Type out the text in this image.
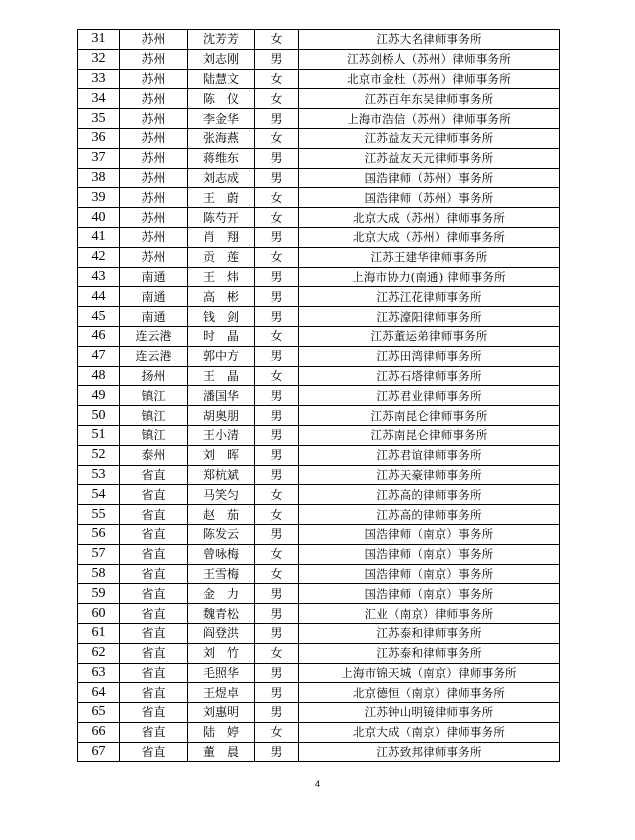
31	苏州	沈芳芳	女	江苏大名律师事务所
32	苏州	刘志刚	男	江苏剑桥人（苏州）律师事务所
33	苏州	陆慧文	女	北京市金杜（苏州）律师事务所
34	苏州	陈　仪	女	江苏百年东吴律师事务所
35	苏州	李金华	男	上海市浩信（苏州）律师事务所
36	苏州	张海燕	女	江苏益友天元律师事务所
37	苏州	蒋维东	男	江苏益友天元律师事务所
38	苏州	刘志成	男	国浩律师（苏州）事务所
39	苏州	王　蔚	女	国浩律师（苏州）事务所
40	苏州	陈芍开	女	北京大成（苏州）律师事务所
41	苏州	肖　翔	男	北京大成（苏州）律师事务所
42	苏州	贡　莲	女	江苏王建华律师事务所
43	南通	王　炜	男	上海市协力(南通) 律师事务所
44	南通	高　彬	男	江苏江花律师事务所
45	南通	钱　剑	男	江苏濠阳律师事务所
46	连云港	时　晶	女	江苏董运弟律师事务所
47	连云港	郭中方	男	江苏田湾律师事务所
48	扬州	王　晶	女	江苏石塔律师事务所
49	镇江	潘国华	男	江苏君业律师事务所
50	镇江	胡奥朋	男	江苏南昆仑律师事务所
51	镇江	王小清	男	江苏南昆仑律师事务所
52	泰州	刘　晖	男	江苏君谊律师事务所
53	省直	郑杭斌	男	江苏天豪律师事务所
54	省直	马笑匀	女	江苏高的律师事务所
55	省直	赵　茄	女	江苏高的律师事务所
56	省直	陈发云	男	国浩律师（南京）事务所
57	省直	曾咏梅	女	国浩律师（南京）事务所
58	省直	王雪梅	女	国浩律师（南京）事务所
59	省直	金　力	男	国浩律师（南京）事务所
60	省直	魏青松	男	汇业（南京）律师事务所
61	省直	阎登洪	男	江苏泰和律师事务所
62	省直	刘　竹	女	江苏泰和律师事务所
63	省直	毛照华	男	上海市锦天城（南京）律师事务所
64	省直	王煜卓	男	北京德恒（南京）律师事务所
65	省直	刘惠明	男	江苏钟山明镜律师事务所
66	省直	陆　婷	女	北京大成（南京）律师事务所
67	省直	董　晨	男	江苏致邦律师事务所
4
